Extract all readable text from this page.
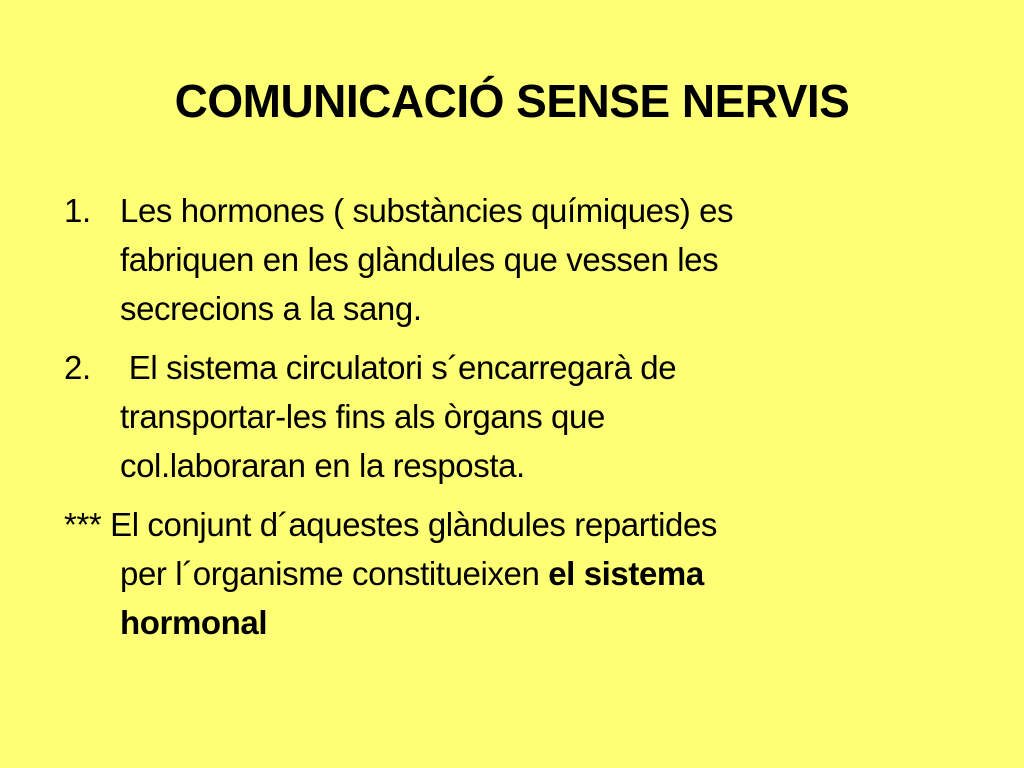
COMUNICACIÓ SENSE NERVIS
1. Les hormones ( substàncies químiques) es

fabriquen en les glàndules que vessen les

secrecions a la sang.

2. El sistema circulatori s´encarregarà de

transportar-les fins als òrgans que

col.laboraran en la resposta.

*** El conjunt d´aquestes glàndules repartides

per l´organisme constitueixen el sistema

hormonal
